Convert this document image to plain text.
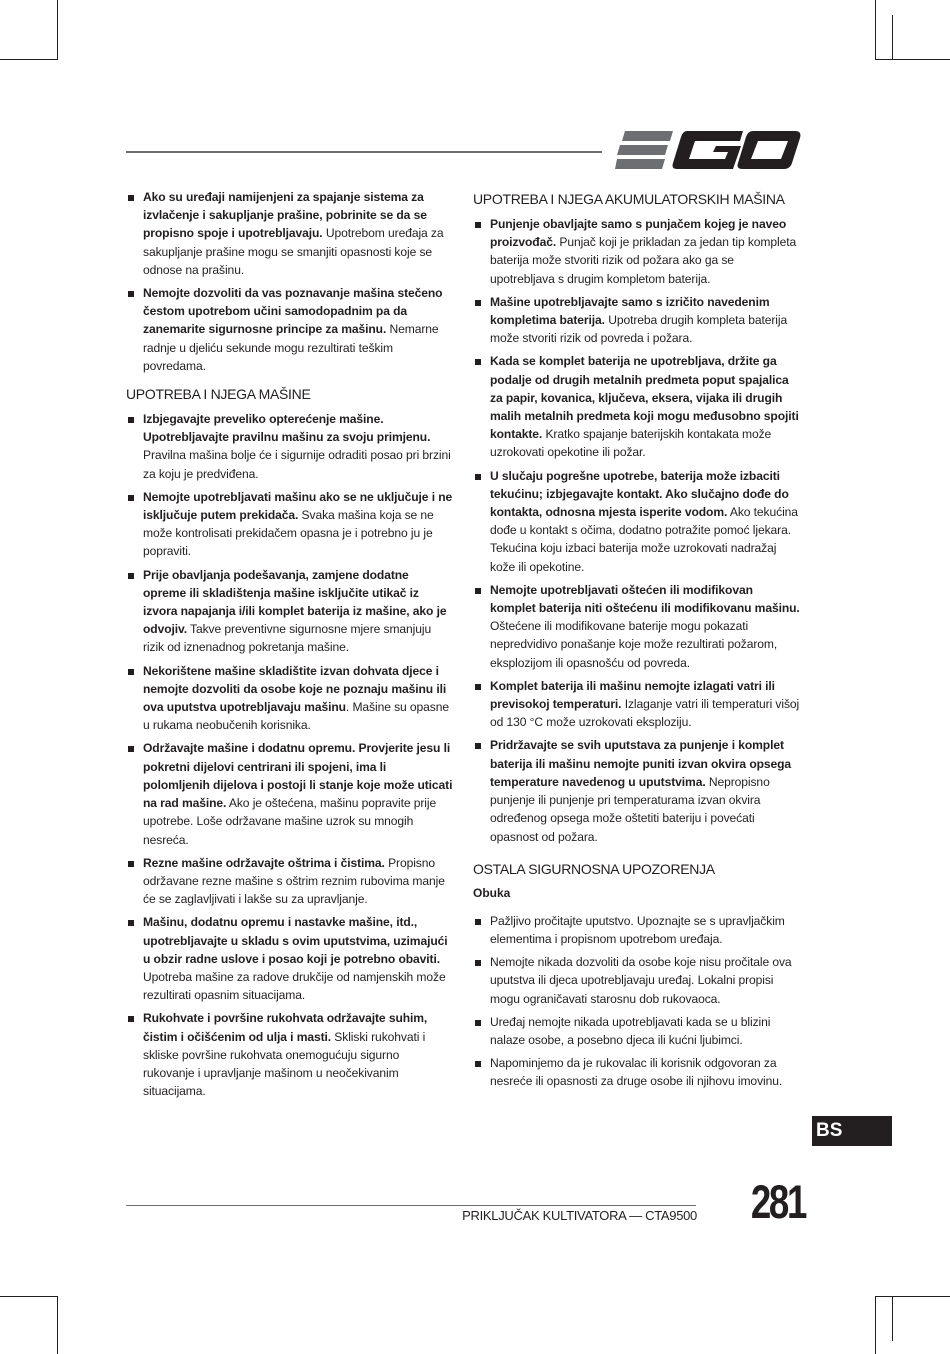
Ako su uređaji namijenjeni za spajanje sistema za izvlačenje i sakupljanje prašine, pobrinite se da se propisno spoje i upotrebljavaju. Upotrebom uređaja za sakupljanje prašine mogu se smanjiti opasnosti koje se odnose na prašinu.
Nemojte dozvoliti da vas poznavanje mašina stečeno čestom upotrebom učini samodopadnim pa da zanemarite sigurnosne principe za mašinu. Nemarne radnje u djeliću sekunde mogu rezultirati teškim povredama.
UPOTREBA I NJEGA MAŠINE
Izbjegavajte preveliko opterećenje mašine. Upotrebljavajte pravilnu mašinu za svoju primjenu. Pravilna mašina bolje će i sigurnije odraditi posao pri brzini za koju je predviđena.
Nemojte upotrebljavati mašinu ako se ne uključuje i ne isključuje putem prekidača. Svaka mašina koja se ne može kontrolisati prekidačem opasna je i potrebno ju je popraviti.
Prije obavljanja podešavanja, zamjene dodatne opreme ili skladištenja mašine isključite utikač iz izvora napajanja i/ili komplet baterija iz mašine, ako je odvojiv. Takve preventivne sigurnosne mjere smanjuju rizik od iznenadnog pokretanja mašine.
Nekorištene mašine skladištite izvan dohvata djece i nemojte dozvoliti da osobe koje ne poznaju mašinu ili ova uputstva upotrebljavaju mašinu. Mašine su opasne u rukama neobučenih korisnika.
Održavajte mašine i dodatnu opremu. Provjerite jesu li pokretni dijelovi centrirani ili spojeni, ima li polomljenih dijelova i postoji li stanje koje može uticati na rad mašine. Ako je oštećena, mašinu popravite prije upotrebe. Loše održavane mašine uzrok su mnogih nesreća.
Rezne mašine održavajte oštrima i čistima. Propisno održavane rezne mašine s oštrim reznim rubovima manje će se zaglavljivati i lakše su za upravljanje.
Mašinu, dodatnu opremu i nastavke mašine, itd., upotrebljavajte u skladu s ovim uputstvima, uzimajući u obzir radne uslove i posao koji je potrebno obaviti. Upotreba mašine za radove drukčije od namjenskih može rezultirati opasnim situacijama.
Rukohvate i površine rukohvata održavajte suhim, čistim i očišćenim od ulja i masti. Skliski rukohvati i skliske površine rukohvata onemogućuju sigurno rukovanje i upravljanje mašinom u neočekivanim situacijama.
UPOTREBA I NJEGA AKUMULATORSKIH MAŠINA
Punjenje obavljajte samo s punjačem kojeg je naveo proizvođač. Punjač koji je prikladan za jedan tip kompleta baterija može stvoriti rizik od požara ako ga se upotrebljava s drugim kompletom baterija.
Mašine upotrebljavajte samo s izričito navedenim kompletima baterija. Upotreba drugih kompleta baterija može stvoriti rizik od povreda i požara.
Kada se komplet baterija ne upotrebljava, držite ga podalje od drugih metalnih predmeta poput spajalica za papir, kovanica, ključeva, eksera, vijaka ili drugih malih metalnih predmeta koji mogu međusobno spojiti kontakte. Kratko spajanje baterijskih kontakata može uzrokovati opekotine ili požar.
U slučaju pogrešne upotrebe, baterija može izbaciti tekućinu; izbjegavajte kontakt. Ako slučajno dođe do kontakta, odnosna mjesta isperite vodom. Ako tekućina dođe u kontakt s očima, dodatno potražite pomoć ljekara. Tekućina koju izbaci baterija može uzrokovati nadražaj kože ili opekotine.
Nemojte upotrebljavati oštećen ili modifikovan komplet baterija niti oštećenu ili modifikovanu mašinu. Oštećene ili modifikovane baterije mogu pokazati nepredvidivo ponašanje koje može rezultirati požarom, eksplozijom ili opasnošću od povreda.
Komplet baterija ili mašinu nemojte izlagati vatri ili previsokoj temperaturi. Izlaganje vatri ili temperaturi višoj od 130 °C može uzrokovati eksploziju.
Pridržavajte se svih uputstava za punjenje i komplet baterija ili mašinu nemojte puniti izvan okvira opsega temperature navedenog u uputstvima. Nepropisno punjenje ili punjenje pri temperaturama izvan okvira određenog opsega može oštetiti bateriju i povećati opasnost od požara.
OSTALA SIGURNOSNA UPOZORENJA
Obuka
Pažljivo pročitajte uputstvo. Upoznajte se s upravljačkim elementima i propisnom upotrebom uređaja.
Nemojte nikada dozvoliti da osobe koje nisu pročitale ova uputstva ili djeca upotrebljavaju uređaj. Lokalni propisi mogu ograničavati starosnu dob rukovaoca.
Uređaj nemojte nikada upotrebljavati kada se u blizini nalaze osobe, a posebno djeca ili kućni ljubimci.
Napominjemo da je rukovalac ili korisnik odgovoran za nesreće ili opasnosti za druge osobe ili njihovu imovinu.
BS
PRIKLJUČAK KULTIVATORA — CTA9500 281
